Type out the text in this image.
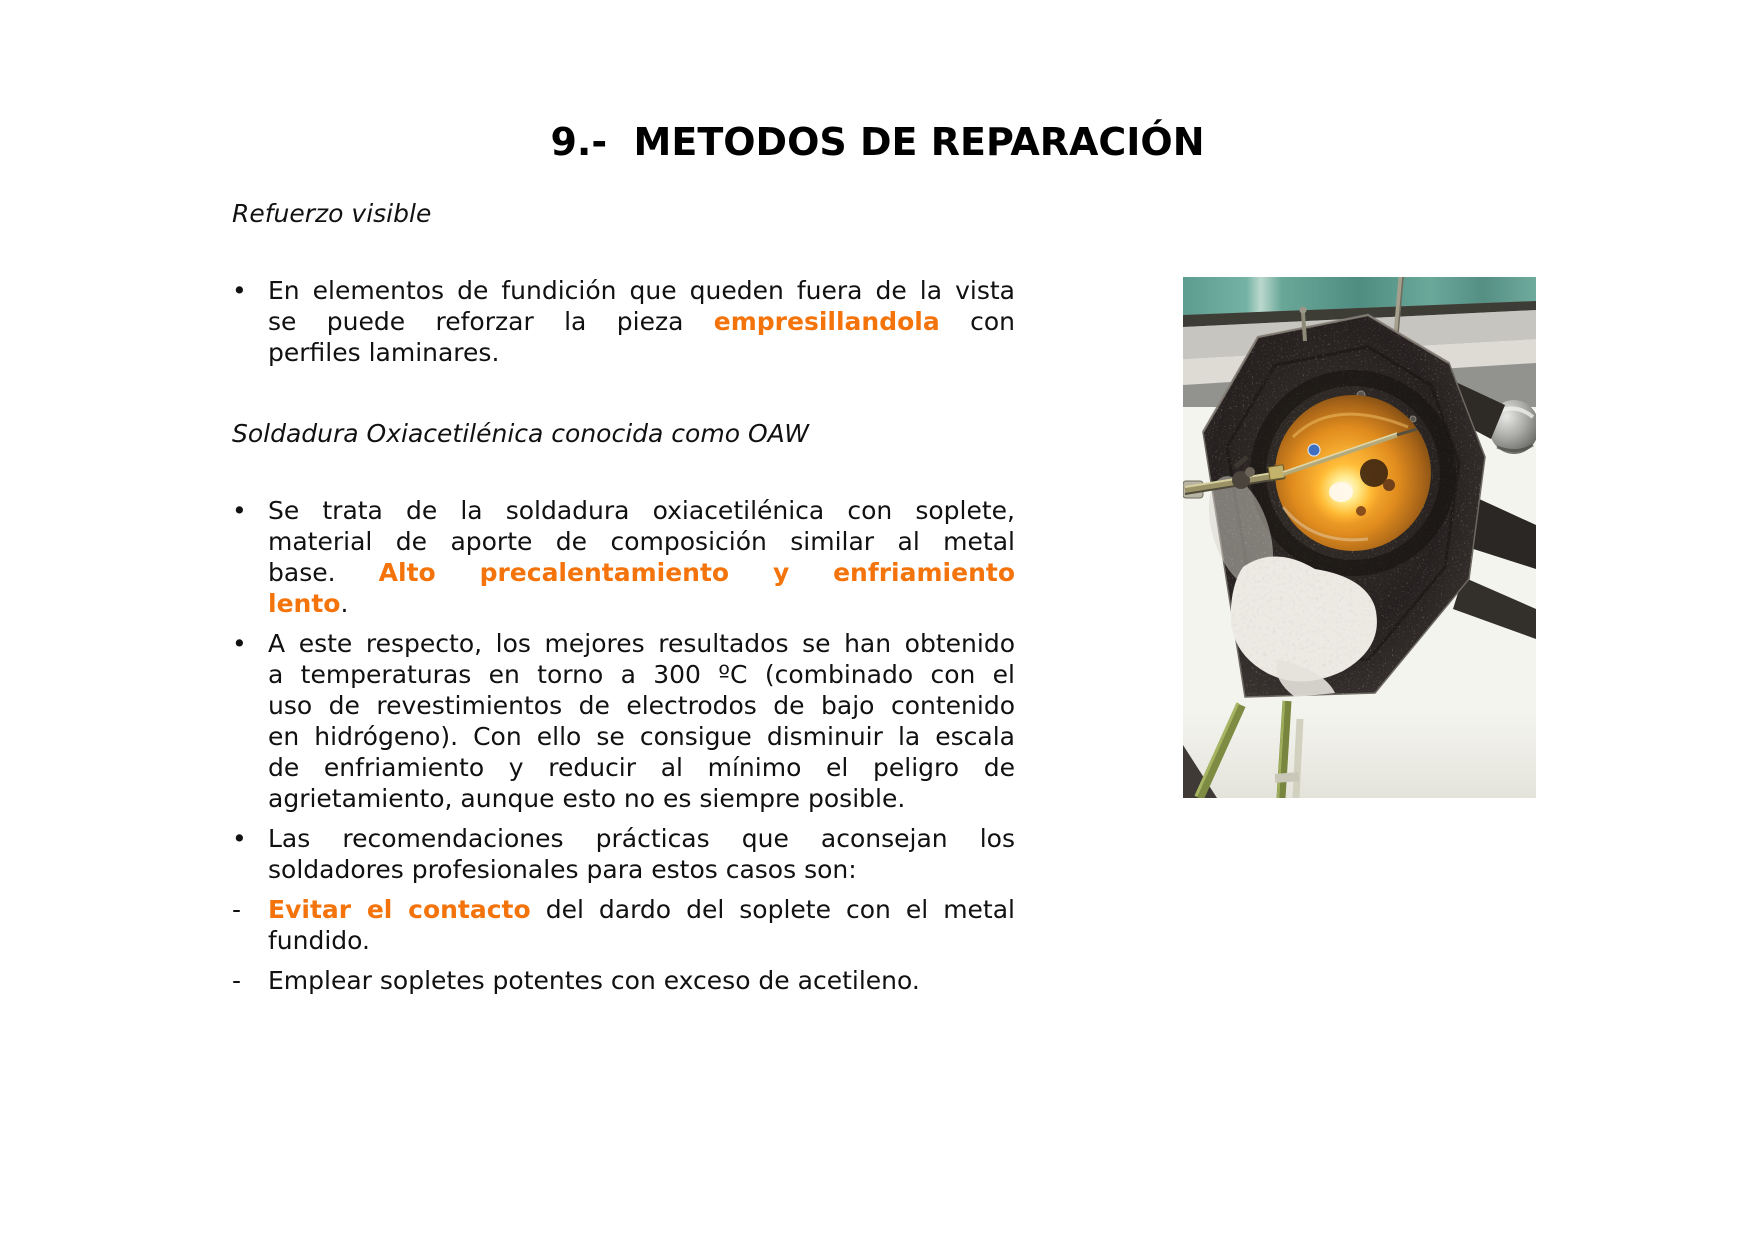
9.-  METODOS DE REPARACIÓN
Refuerzo visible
• En elementos de fundición que queden fuera de la vista
se puede reforzar la pieza empresillandola con
perfiles laminares.
Soldadura Oxiacetilénica conocida como OAW
• Se trata de la soldadura oxiacetilénica con soplete,
material de aporte de composición similar al metal
base. Alto precalentamiento y enfriamiento
lento.
• A este respecto, los mejores resultados se han obtenido
a temperaturas en torno a 300 ºC (combinado con el
uso de revestimientos de electrodos de bajo contenido
en hidrógeno). Con ello se consigue disminuir la escala
de enfriamiento y reducir al mínimo el peligro de
agrietamiento, aunque esto no es siempre posible.
• Las recomendaciones prácticas que aconsejan los
soldadores profesionales para estos casos son:
-	Evitar el contacto del dardo del soplete con el metal
fundido.
-	Emplear sopletes potentes con exceso de acetileno.
